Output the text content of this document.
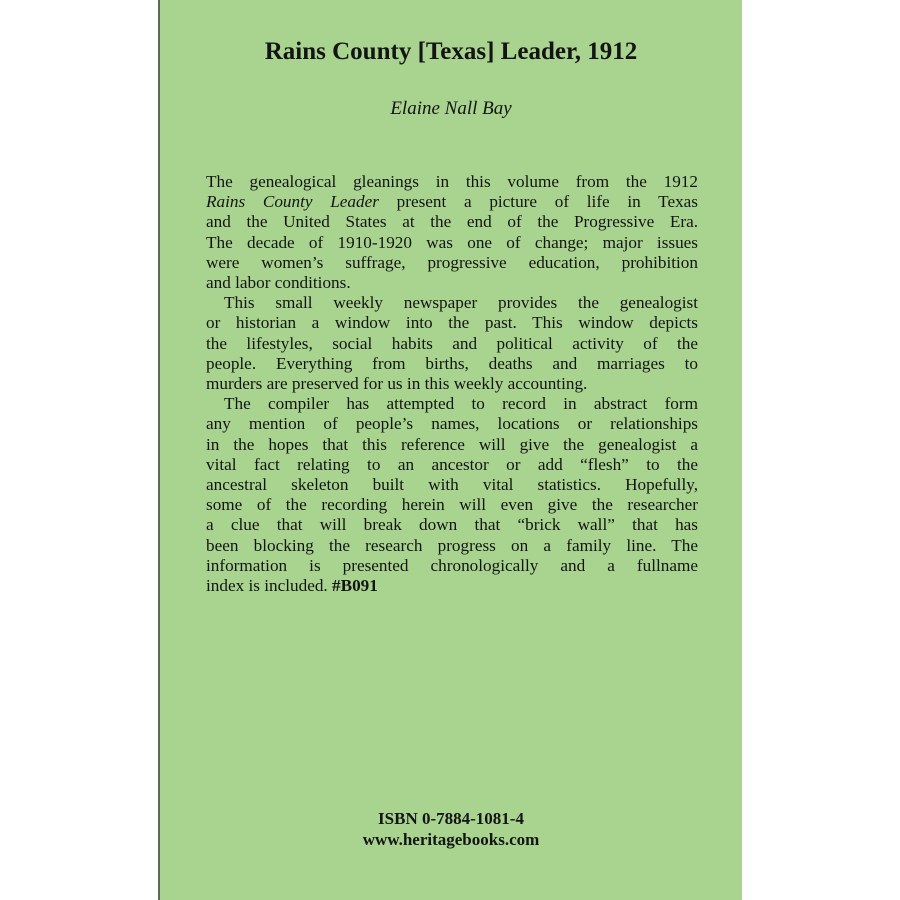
Rains County [Texas] Leader, 1912
Elaine Nall Bay
The genealogical gleanings in this volume from the 1912
Rains County Leader present a picture of life in Texas
and the United States at the end of the Progressive Era.
The decade of 1910-1920 was one of change; major issues
were women’s suffrage, progressive education, prohibition
and labor conditions.
This small weekly newspaper provides the genealogist
or historian a window into the past. This window depicts
the lifestyles, social habits and political activity of the
people. Everything from births, deaths and marriages to
murders are preserved for us in this weekly accounting.
The compiler has attempted to record in abstract form
any mention of people’s names, locations or relationships
in the hopes that this reference will give the genealogist a
vital fact relating to an ancestor or add “flesh” to the
ancestral skeleton built with vital statistics. Hopefully,
some of the recording herein will even give the researcher
a clue that will break down that “brick wall” that has
been blocking the research progress on a family line. The
information is presented chronologically and a fullname
index is included. #B091
ISBN 0-7884-1081-4
www.heritagebooks.com
